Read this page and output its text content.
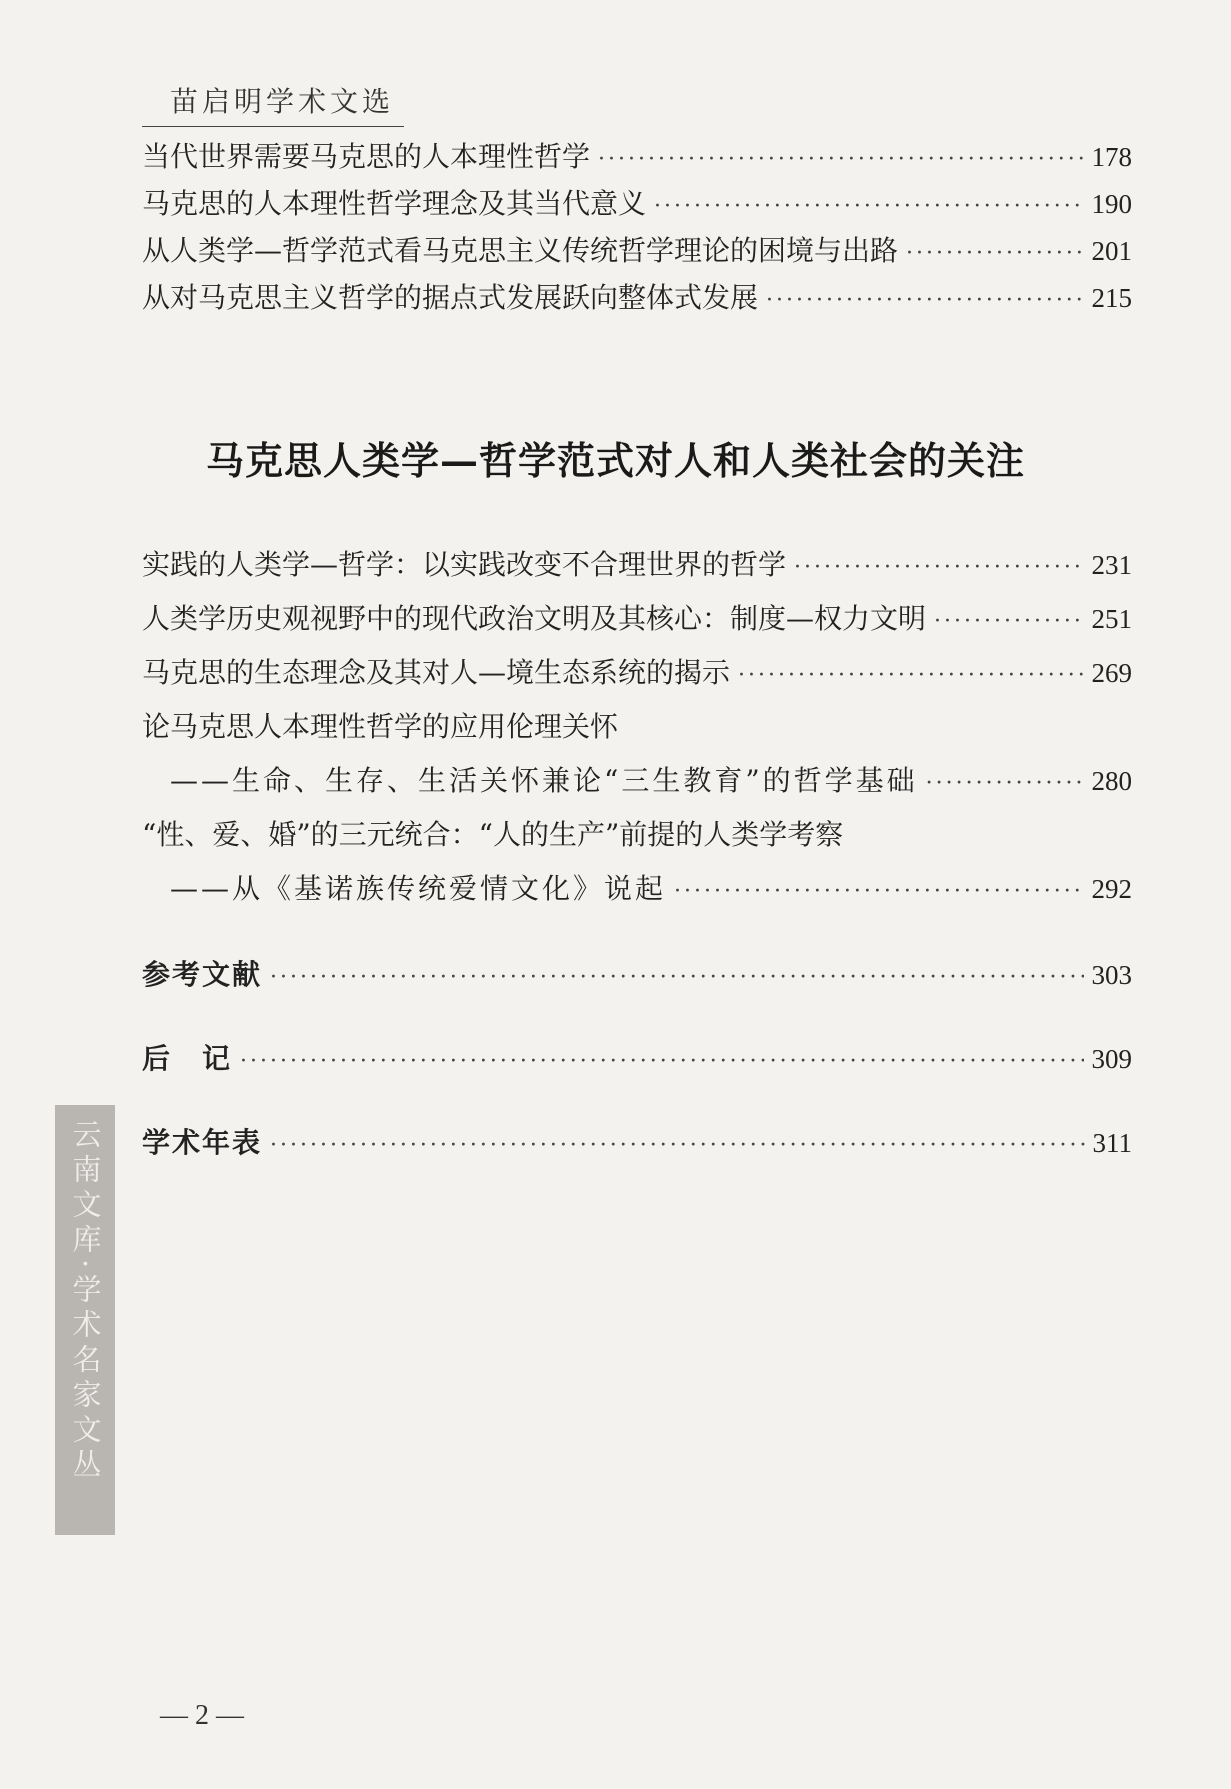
苗启明学术文选
当代世界需要马克思的人本理性哲学 ·····	178
马克思的人本理性哲学理念及其当代意义 ·····	190
从人类学—哲学范式看马克思主义传统哲学理论的困境与出路 ·····	201
从对马克思主义哲学的据点式发展跃向整体式发展 ·····	215
马克思人类学—哲学范式对人和人类社会的关注
实践的人类学—哲学：以实践改变不合理世界的哲学 ·····	231
人类学历史观视野中的现代政治文明及其核心：制度—权力文明 ·····	251
马克思的生态理念及其对人—境生态系统的揭示 ·····	269
论马克思人本理性哲学的应用伦理关怀
——生命、生存、生活关怀兼论“三生教育”的哲学基础 ·····	280
“性、爱、婚”的三元统合：“人的生产”前提的人类学考察
——从《基诺族传统爱情文化》说起 ·····	292
参考文献 ·····	303
后　记 ·····	309
学术年表 ·····	311
云南文库·学术名家文丛
— 2 —
